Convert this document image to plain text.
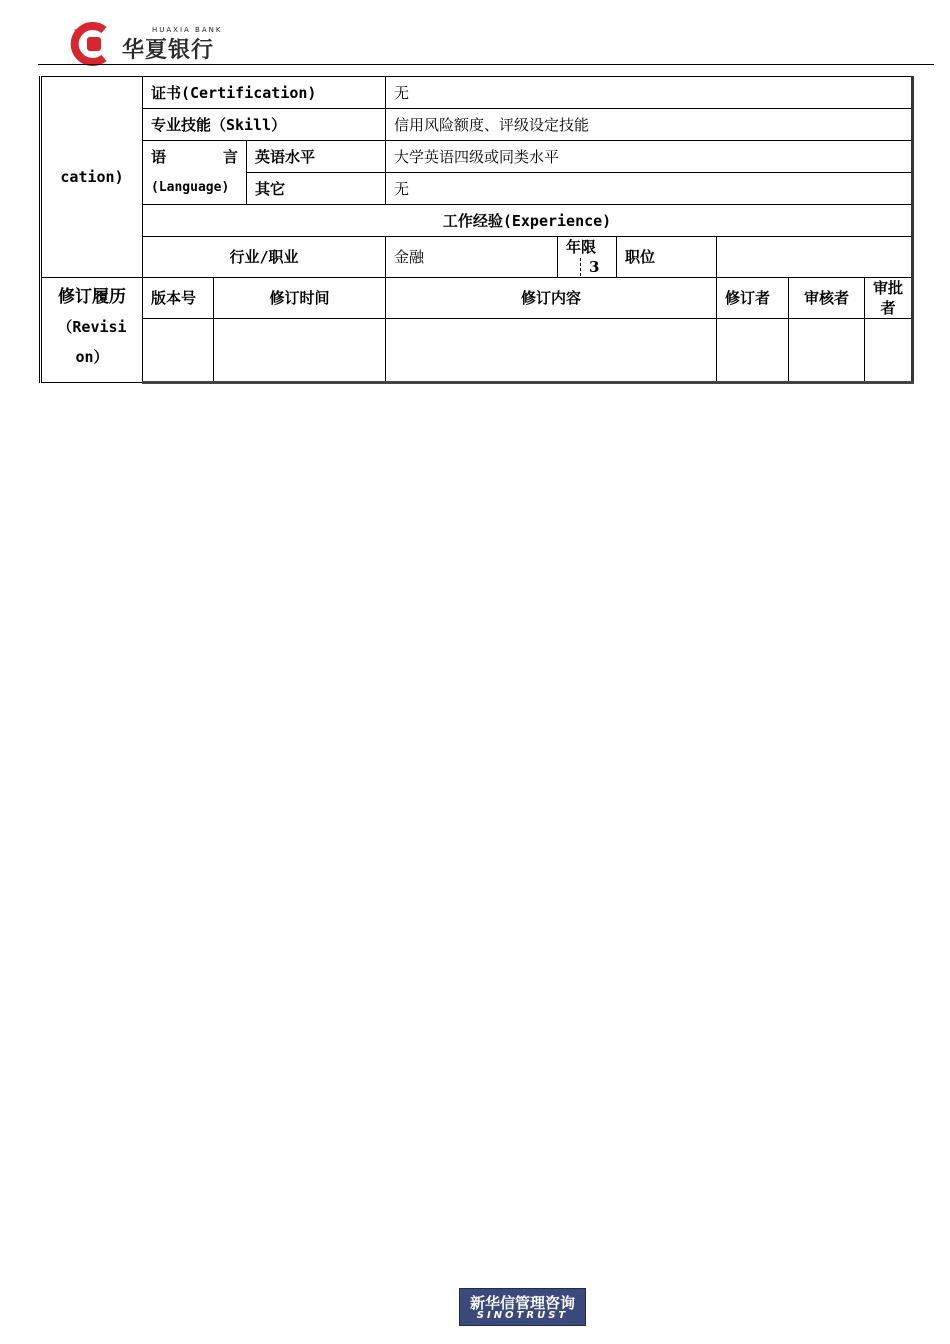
HUAXIA BANK
华夏银行
cation)	证书(Certification)			无					
	专业技能（Skill）			信用风险额度、评级设定技能					

	语 言		英语水平	大学英语四级或同类水平					
	(Language)		其它	无					
	工作经验(Experience)								
	行业/职业			金融	年限 3	职位			

修订履历
（Revisi
on）	版本号	修订时间		修订内容			修订者	审核者	审批者

新华信管理咨询
SINOTRUST
